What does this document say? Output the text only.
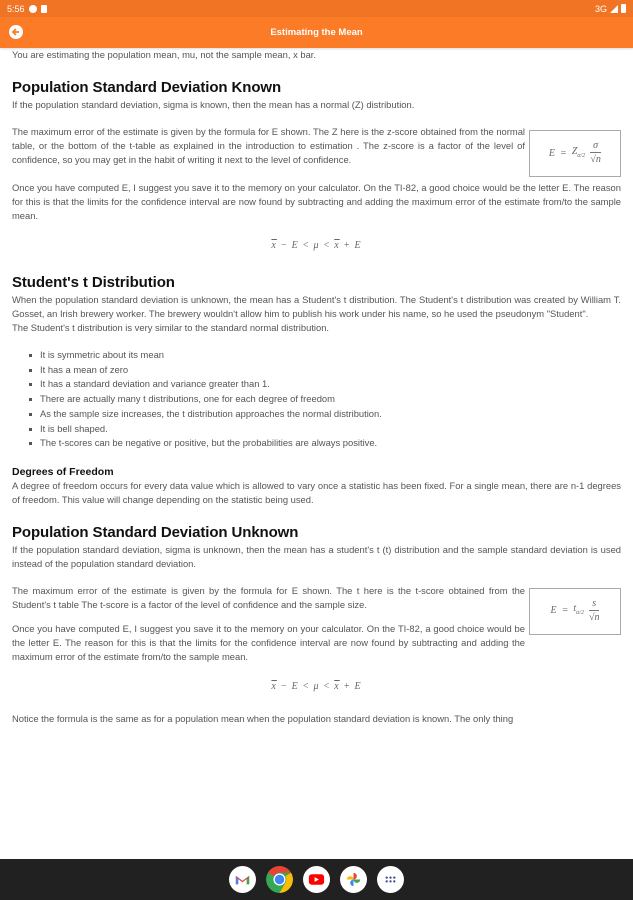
5:56	3G
Estimating the Mean

You are estimating the population mean, mu, not the sample mean, x bar.

Population Standard Deviation Known

If the population standard deviation, sigma is known, then the mean has a normal (Z) distribution.

$E = Z_{\alpha/2} \frac{\sigma}{√n}$

The maximum error of the estimate is given by the formula for E shown. The Z here is the z-score obtained from the normal table, or the bottom of the t-table as explained in the introduction to estimation . The z-score is a factor of the level of confidence, so you may get in the habit of writing it next to the level of confidence.

Once you have computed E, I suggest you save it to the memory on your calculator. On the TI-82, a good choice would be the letter E. The reason for this is that the limits for the confidence interval are now found by subtracting and adding the maximum error of the estimate from/to the sample mean.

$\overline{x} - E < \mu < \overline{x} + E$
Student's t Distribution

When the population standard deviation is unknown, the mean has a Student's t distribution. The Student's t distribution was created by William T. Gosset, an Irish brewery worker. The brewery wouldn't allow him to publish his work under his name, so he used the pseudonym "Student".

The Student's t distribution is very similar to the standard normal distribution.

It is symmetric about its mean
It has a mean of zero
It has a standard deviation and variance greater than 1.
There are actually many t distributions, one for each degree of freedom
As the sample size increases, the t distribution approaches the normal distribution.
It is bell shaped.
The t-scores can be negative or positive, but the probabilities are always positive.
Degrees of Freedom

A degree of freedom occurs for every data value which is allowed to vary once a statistic has been fixed. For a single mean, there are n-1 degrees of freedom. This value will change depending on the statistic being used.

Population Standard Deviation Unknown

If the population standard deviation, sigma is unknown, then the mean has a student's t (t) distribution and the sample standard deviation is used instead of the population standard deviation.

$E = t_{\alpha/2} \frac{s}{√n}$

The maximum error of the estimate is given by the formula for E shown. The t here is the t-score obtained from the Student's t table The t-score is a factor of the level of confidence and the sample size.

Once you have computed E, I suggest you save it to the memory on your calculator. On the TI-82, a good choice would be the letter E. The reason for this is that the limits for the confidence interval are now found by subtracting and adding the maximum error of the estimate from/to the sample mean.

$\overline{x} - E < \mu < \overline{x} + E$

Notice the formula is the same as for a population mean when the population standard deviation is known. The only thing
